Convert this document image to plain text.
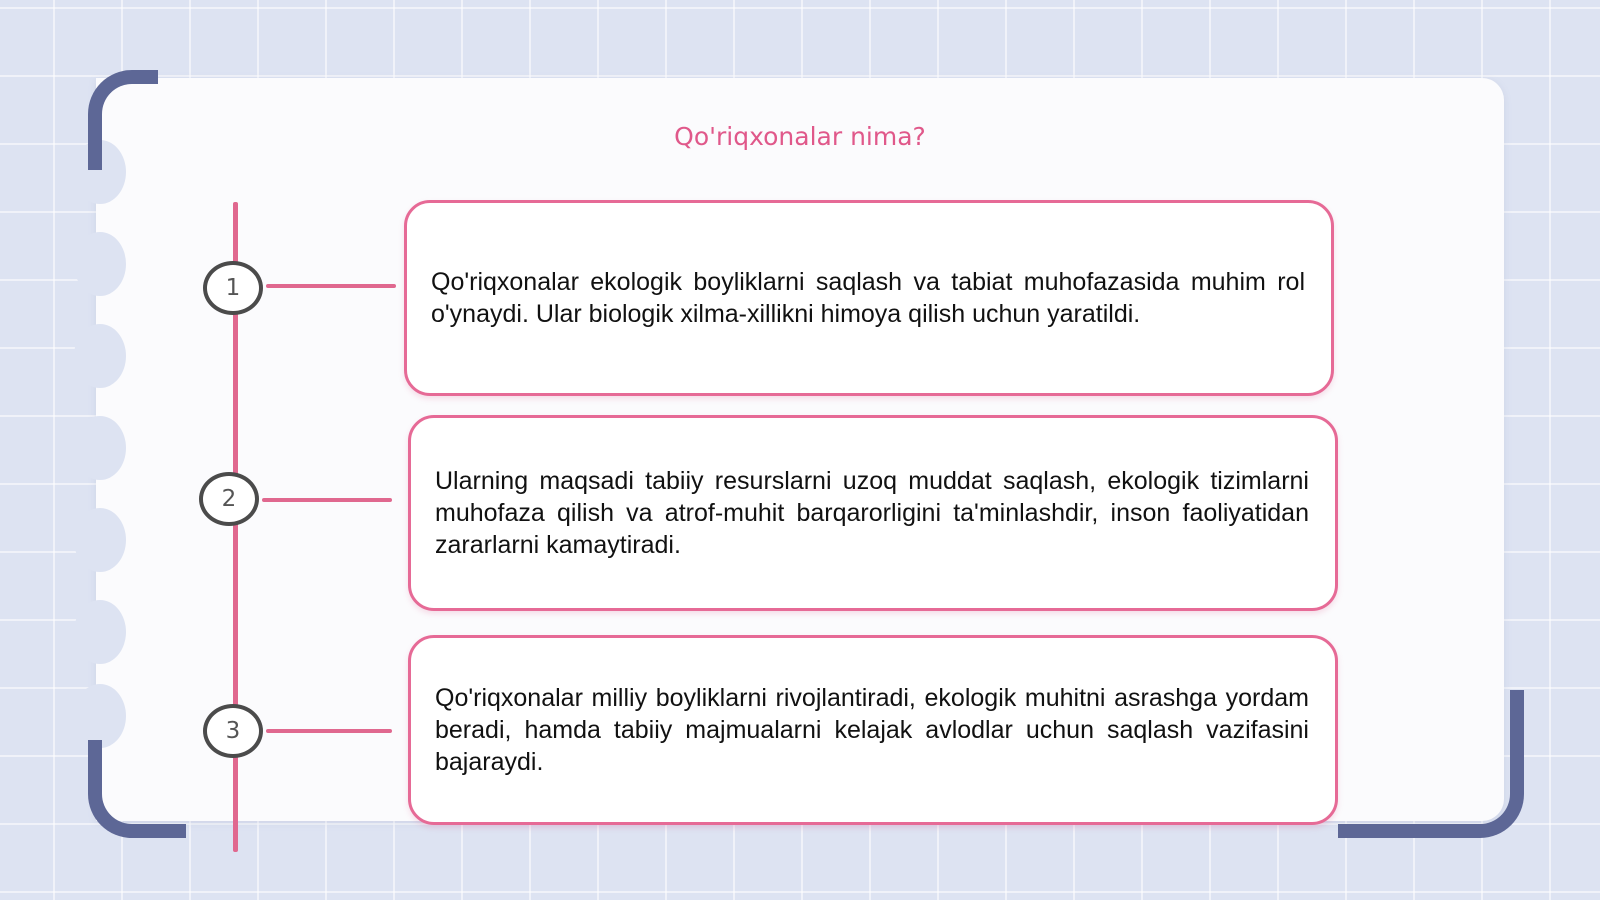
Qo'riqxonalar nima?
1
2
3

Qo'riqxonalar ekologik boyliklarni saqlash va tabiat muhofazasida muhim rol o'ynaydi. Ular biologik xilma-xillikni himoya qilish uchun yaratildi.

Ularning maqsadi tabiiy resurslarni uzoq muddat saqlash, ekologik tizimlarni muhofaza qilish va atrof-muhit barqarorligini ta'minlashdir, inson faoliyatidan zararlarni kamaytiradi.

Qo'riqxonalar milliy boyliklarni rivojlantiradi, ekologik muhitni asrashga yordam beradi, hamda tabiiy majmualarni kelajak avlodlar uchun saqlash vazifasini bajaraydi.
